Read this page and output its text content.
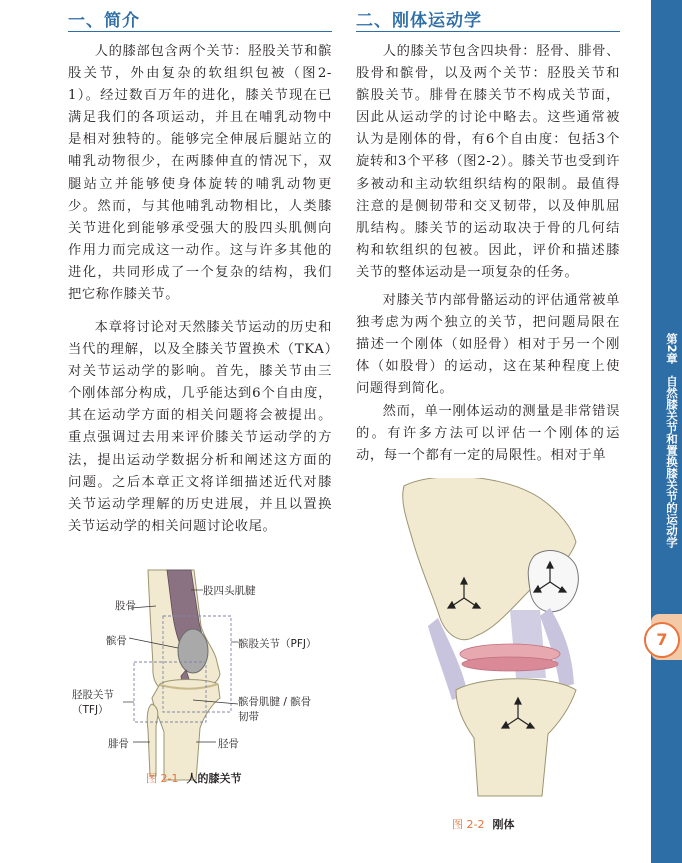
一、简介

人的膝部包含两个关节：胫股关节和髌股关节，外由复杂的软组织包被（图2-1）。经过数百万年的进化，膝关节现在已满足我们的各项运动，并且在哺乳动物中是相对独特的。能够完全伸展后腿站立的哺乳动物很少，在两膝伸直的情况下，双腿站立并能够使身体旋转的哺乳动物更少。然而，与其他哺乳动物相比，人类膝关节进化到能够承受强大的股四头肌侧向作用力而完成这一动作。这与许多其他的进化，共同形成了一个复杂的结构，我们把它称作膝关节。

本章将讨论对天然膝关节运动的历史和当代的理解，以及全膝关节置换术（TKA）对关节运动学的影响。首先，膝关节由三个刚体部分构成，几乎能达到6个自由度，其在运动学方面的相关问题将会被提出。重点强调过去用来评价膝关节运动学的方法，提出运动学数据分析和阐述这方面的问题。之后本章正文将详细描述近代对膝关节运动学理解的历史进展，并且以置换关节运动学的相关问题讨论收尾。

股骨
股四头肌腱
髌骨	髌股关节（PFJ）
胫股关节
（TFJ）
髌骨肌腱 / 髌骨
韧带
腓骨	胫骨
图 2-1 人的膝关节
二、刚体运动学

人的膝关节包含四块骨：胫骨、腓骨、股骨和髌骨，以及两个关节：胫股关节和髌股关节。腓骨在膝关节不构成关节面，因此从运动学的讨论中略去。这些通常被认为是刚体的骨，有6个自由度：包括3个旋转和3个平移（图2-2）。膝关节也受到许多被动和主动软组织结构的限制。最值得注意的是侧韧带和交叉韧带，以及伸肌屈肌结构。膝关节的运动取决于骨的几何结构和软组织的包被。因此，评价和描述膝关节的整体运动是一项复杂的任务。

对膝关节内部骨骼运动的评估通常被单独考虑为两个独立的关节，把问题局限在描述一个刚体（如胫骨）相对于另一个刚体（如股骨）的运动，这在某种程度上使问题得到简化。

然而，单一刚体运动的测量是非常错误的。有许多方法可以评估一个刚体的运动，每一个都有一定的局限性。相对于单

图 2-2 刚体
第2章　自然膝关节和置换膝关节的运动学
7
